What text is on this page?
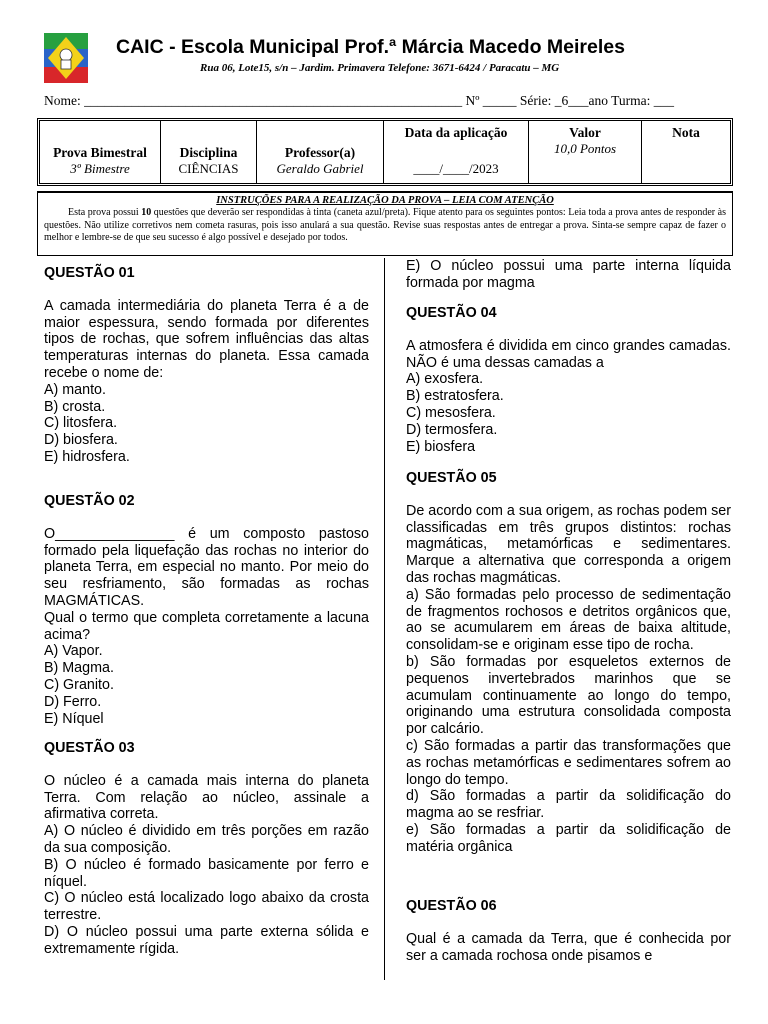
CAIC - Escola Municipal Prof.ª Márcia Macedo Meireles
Rua 06, Lote15, s/n – Jardim. Primavera Telefone: 3671-6424 / Paracatu – MG
Nome: ________________________________________________________ Nº _____ Série: _6___ano Turma: ___
Prova Bimestral
3º Bimestre
Disciplina
CIÊNCIAS
Professor(a)
Geraldo Gabriel
Data da aplicação
____/____/2023
Valor
10,0 Pontos
Nota
INSTRUÇÕES PARA A REALIZAÇÃO DA PROVA – LEIA COM ATENÇÃO

Esta prova possui 10 questões que deverão ser respondidas à tinta (caneta azul/preta). Fique atento para os seguintes pontos: Leia toda a prova antes de responder às questões. Não utilize corretivos nem cometa rasuras, pois isso anulará a sua questão. Revise suas respostas antes de entregar a prova. Sinta-se sempre capaz de fazer o melhor e lembre-se de que seu sucesso é algo possível e desejado por todos.

QUESTÃO 01

A camada intermediária do planeta Terra é a de maior espessura, sendo formada por diferentes tipos de rochas, que sofrem influências das altas temperaturas internas do planeta. Essa camada recebe o nome de:

A) manto.

B) crosta.

C) litosfera.

D) biosfera.

E) hidrosfera.

QUESTÃO 02

O_______________ é um composto pastoso formado pela liquefação das rochas no interior do planeta Terra, em especial no manto. Por meio do seu resfriamento, são formadas as rochas MAGMÁTICAS.

Qual o termo que completa corretamente a lacuna acima?

A) Vapor.

B) Magma.

C) Granito.

D) Ferro.

E) Níquel

QUESTÃO 03

O núcleo é a camada mais interna do planeta Terra. Com relação ao núcleo, assinale a afirmativa correta.

A) O núcleo é dividido em três porções em razão da sua composição.

B) O núcleo é formado basicamente por ferro e níquel.

C) O núcleo está localizado logo abaixo da crosta terrestre.

D) O núcleo possui uma parte externa sólida e extremamente rígida.

E) O núcleo possui uma parte interna líquida formada por magma

QUESTÃO 04

A atmosfera é dividida em cinco grandes camadas. NÃO é uma dessas camadas a

A) exosfera.

B) estratosfera.

C) mesosfera.

D) termosfera.

E) biosfera

QUESTÃO 05

De acordo com a sua origem, as rochas podem ser classificadas em três grupos distintos: rochas magmáticas, metamórficas e sedimentares. Marque a alternativa que corresponda a origem das rochas magmáticas.

a) São formadas pelo processo de sedimentação de fragmentos rochosos e detritos orgânicos que, ao se acumularem em áreas de baixa altitude, consolidam-se e originam esse tipo de rocha.

b) São formadas por esqueletos externos de pequenos invertebrados marinhos que se acumulam continuamente ao longo do tempo, originando uma estrutura consolidada composta por calcário.

c) São formadas a partir das transformações que as rochas metamórficas e sedimentares sofrem ao longo do tempo.

d) São formadas a partir da solidificação do magma ao se resfriar.

e) São formadas a partir da solidificação de matéria orgânica

QUESTÃO 06

Qual é a camada da Terra, que é conhecida por ser a camada rochosa onde pisamos e
